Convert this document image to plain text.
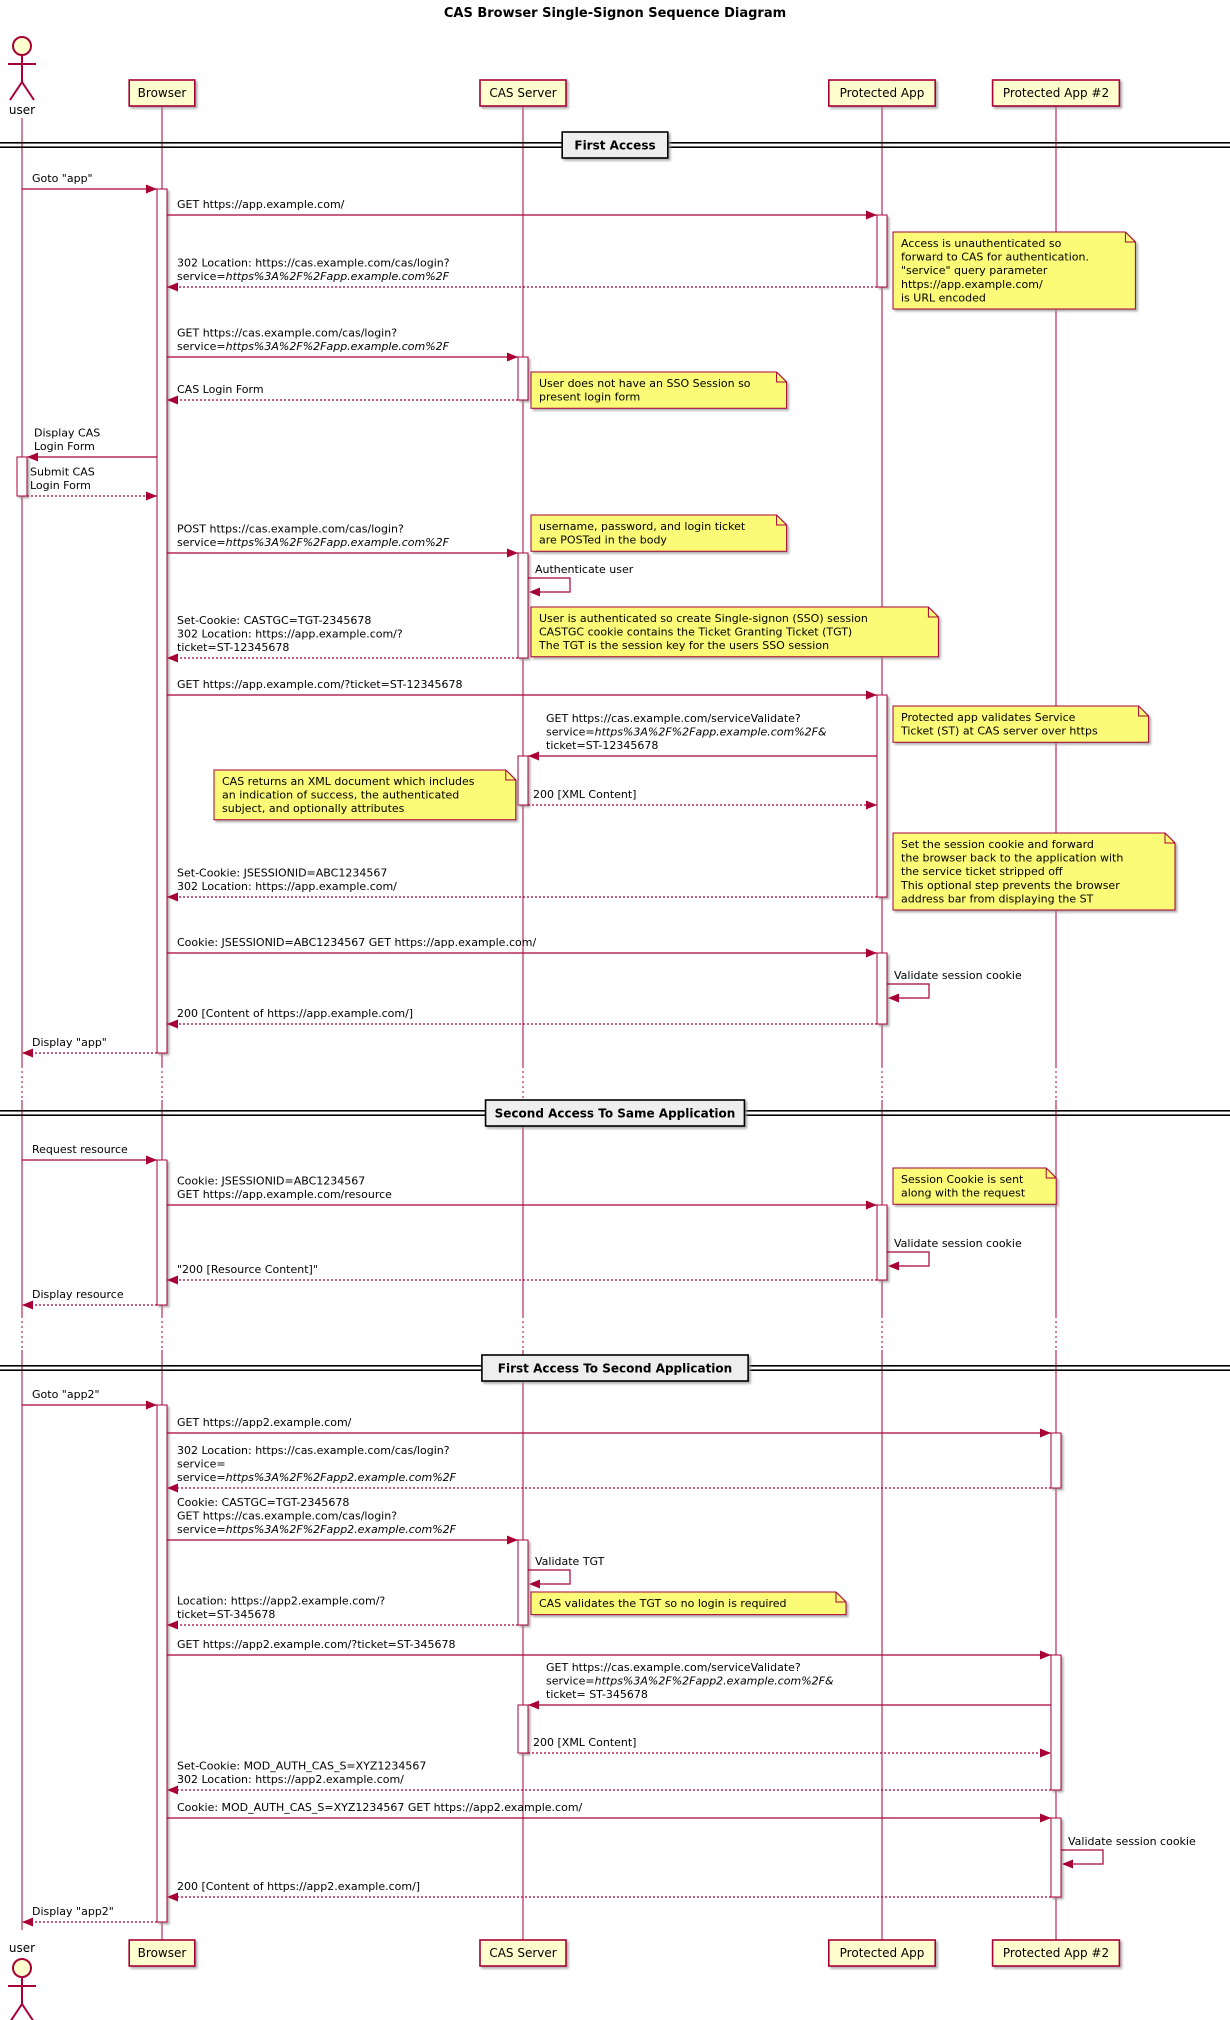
CAS Browser Single-Signon Sequence Diagram
First Access
Second Access To Same Application
First Access To Second Application
Goto "app"
GET https://app.example.com/
302 Location: https://cas.example.com/cas/login?
service=https%3A%2F%2Fapp.example.com%2F
GET https://cas.example.com/cas/login?
service=https%3A%2F%2Fapp.example.com%2F
CAS Login Form
Display CAS
Login Form
Submit CAS
Login Form
POST https://cas.example.com/cas/login?
service=https%3A%2F%2Fapp.example.com%2F
Set-Cookie: CASTGC=TGT-2345678
302 Location: https://app.example.com/?
ticket=ST-12345678
GET https://app.example.com/?ticket=ST-12345678
GET https://cas.example.com/serviceValidate?
service=https%3A%2F%2Fapp.example.com%2F&
ticket=ST-12345678
200 [XML Content]
Set-Cookie: JSESSIONID=ABC1234567
302 Location: https://app.example.com/
Cookie: JSESSIONID=ABC1234567 GET https://app.example.com/
200 [Content of https://app.example.com/]
Display "app"
Request resource
Cookie: JSESSIONID=ABC1234567
GET https://app.example.com/resource
"200 [Resource Content]"
Display resource
Goto "app2"
GET https://app2.example.com/
302 Location: https://cas.example.com/cas/login?
service=
service=https%3A%2F%2Fapp2.example.com%2F
Cookie: CASTGC=TGT-2345678
GET https://cas.example.com/cas/login?
service=https%3A%2F%2Fapp2.example.com%2F
Location: https://app2.example.com/?
ticket=ST-345678
GET https://app2.example.com/?ticket=ST-345678
GET https://cas.example.com/serviceValidate?
service=https%3A%2F%2Fapp2.example.com%2F&
ticket= ST-345678
200 [XML Content]
Set-Cookie: MOD_AUTH_CAS_S=XYZ1234567
302 Location: https://app2.example.com/
Cookie: MOD_AUTH_CAS_S=XYZ1234567 GET https://app2.example.com/
200 [Content of https://app2.example.com/]
Display "app2"
Authenticate user
Validate session cookie
Validate session cookie
Validate TGT
Validate session cookie
Access is unauthenticated so
forward to CAS for authentication.
"service" query parameter
https://app.example.com/
is URL encoded
User does not have an SSO Session so
present login form
username, password, and login ticket
are POSTed in the body
User is authenticated so create Single-signon (SSO) session
CASTGC cookie contains the Ticket Granting Ticket (TGT)
The TGT is the session key for the users SSO session
Protected app validates Service
Ticket (ST) at CAS server over https
CAS returns an XML document which includes
an indication of success, the authenticated
subject, and optionally attributes
Set the session cookie and forward
the browser back to the application with
the service ticket stripped off
This optional step prevents the browser
address bar from displaying the ST
Session Cookie is sent
along with the request
CAS validates the TGT so no login is required
user
user
Browser
Browser
CAS Server
CAS Server
Protected App
Protected App
Protected App #2
Protected App #2
